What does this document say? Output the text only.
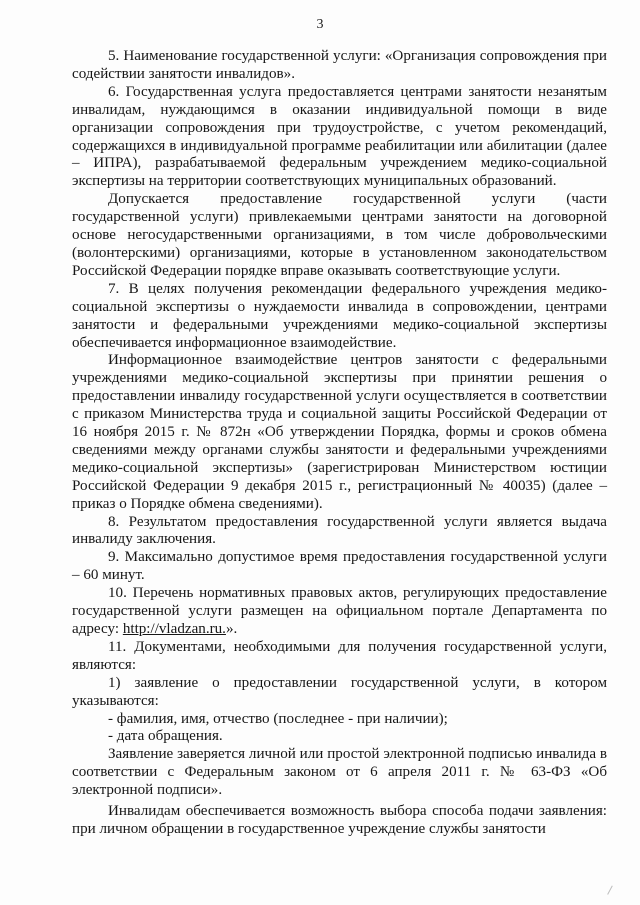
3

5. Наименование государственной услуги: «Организация сопровождения при содействии занятости инвалидов».

6. Государственная услуга предоставляется центрами занятости незанятым инвалидам, нуждающимся в оказании индивидуальной помощи в виде организации сопровождения при трудоустройстве, с учетом рекомендаций, содержащихся в индивидуальной программе реабилитации или абилитации (далее – ИПРА), разрабатываемой федеральным учреждением медико-социальной экспертизы на территории соответствующих муниципальных образований.

Допускается предоставление государственной услуги (части государственной услуги) привлекаемыми центрами занятости на договорной основе негосударственными организациями, в том числе добровольческими (волонтерскими) организациями, которые в установленном законодательством Российской Федерации порядке вправе оказывать соответствующие услуги.

7. В целях получения рекомендации федерального учреждения медико-социальной экспертизы о нуждаемости инвалида в сопровождении, центрами занятости и федеральными учреждениями медико-социальной экспертизы обеспечивается информационное взаимодействие.

Информационное взаимодействие центров занятости с федеральными учреждениями медико-социальной экспертизы при принятии решения о предоставлении инвалиду государственной услуги осуществляется в соответствии с приказом Министерства труда и социальной защиты Российской Федерации от 16 ноября 2015 г. № 872н «Об утверждении Порядка, формы и сроков обмена сведениями между органами службы занятости и федеральными учреждениями медико-социальной экспертизы» (зарегистрирован Министерством юстиции Российской Федерации 9 декабря 2015 г., регистрационный № 40035) (далее – приказ о Порядке обмена сведениями).

8. Результатом предоставления государственной услуги является выдача инвалиду заключения.

9. Максимально допустимое время предоставления государственной услуги – 60 минут.

10. Перечень нормативных правовых актов, регулирующих предоставление государственной услуги размещен на официальном портале Департамента по адресу: http://vladzan.ru.».

11. Документами, необходимыми для получения государственной услуги, являются:

1) заявление о предоставлении государственной услуги, в котором указываются:

- фамилия, имя, отчество (последнее - при наличии);

- дата обращения.

Заявление заверяется личной или простой электронной подписью инвалида в соответствии с Федеральным законом от 6 апреля 2011 г. № 63-ФЗ «Об электронной подписи».

Инвалидам обеспечивается возможность выбора способа подачи заявления: при личном обращении в государственное учреждение службы занятости
